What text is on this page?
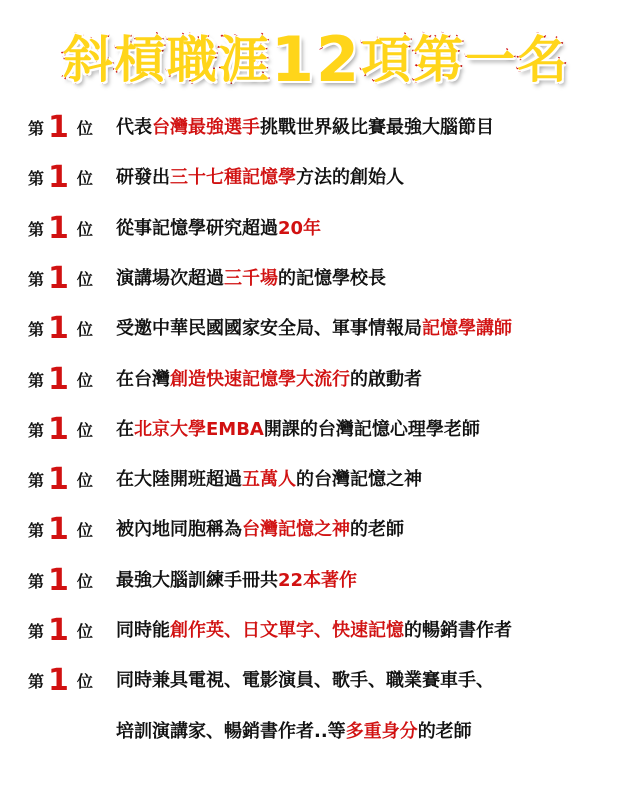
斜槓職涯12項第一名
第 1 位 代表台灣最強選手挑戰世界級比賽最強大腦節目
第 1 位 研發出三十七種記憶學方法的創始人
第 1 位 從事記憶學研究超過20年
第 1 位 演講場次超過三千場的記憶學校長
第 1 位 受邀中華民國國家安全局、軍事情報局記憶學講師
第 1 位 在台灣創造快速記憶學大流行的啟動者
第 1 位 在北京大學EMBA開課的台灣記憶心理學老師
第 1 位 在大陸開班超過五萬人的台灣記憶之神
第 1 位 被內地同胞稱為台灣記憶之神的老師
第 1 位 最強大腦訓練手冊共22本著作
第 1 位 同時能創作英、日文單字、快速記憶的暢銷書作者
第 1 位 同時兼具電視、電影演員、歌手、職業賽車手、
培訓演講家、暢銷書作者..等多重身分的老師
